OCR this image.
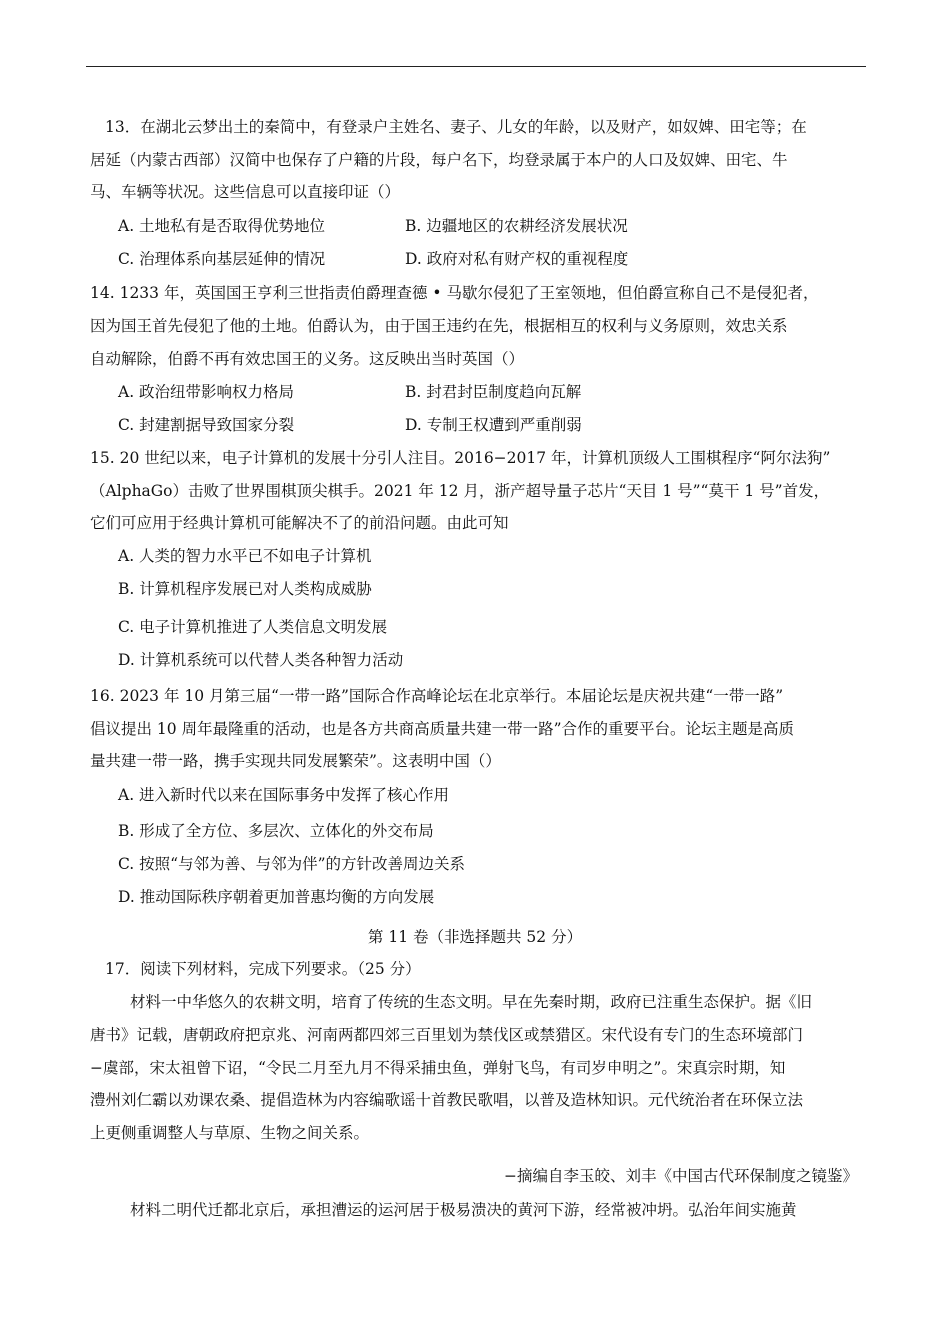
13．在湖北云梦出土的秦简中，有登录户主姓名、妻子、儿女的年龄，以及财产，如奴婢、田宅等；在
居延（内蒙古西部）汉简中也保存了户籍的片段，每户名下，均登录属于本户的人口及奴婢、田宅、牛
马、车辆等状况。这些信息可以直接印证（）
A. 土地私有是否取得优势地位	B. 边疆地区的农耕经济发展状况
C. 治理体系向基层延伸的情况	D. 政府对私有财产权的重视程度
14. 1233 年，英国国王亨利三世指责伯爵理查德 • 马歇尔侵犯了王室领地，但伯爵宣称自己不是侵犯者，
因为国王首先侵犯了他的土地。伯爵认为，由于国王违约在先，根据相互的权利与义务原则，效忠关系
自动解除，伯爵不再有效忠国王的义务。这反映出当时英国（）
A. 政治纽带影响权力格局	B. 封君封臣制度趋向瓦解
C. 封建割据导致国家分裂	D. 专制王权遭到严重削弱
15. 20 世纪以来，电子计算机的发展十分引人注目。2016−2017 年，计算机顶级人工围棋程序“阿尔法狗”
（AlphaGo）击败了世界围棋顶尖棋手。2021 年 12 月，浙产超导量子芯片“天目 1 号”“莫干 1 号”首发，
它们可应用于经典计算机可能解决不了的前沿问题。由此可知
A. 人类的智力水平已不如电子计算机
B. 计算机程序发展已对人类构成威胁
C. 电子计算机推进了人类信息文明发展
D. 计算机系统可以代替人类各种智力活动
16. 2023 年 10 月第三届“一带一路”国际合作高峰论坛在北京举行。本届论坛是庆祝共建“一带一路”
倡议提出 10 周年最隆重的活动，也是各方共商高质量共建一带一路”合作的重要平台。论坛主题是高质
量共建一带一路，携手实现共同发展繁荣”。这表明中国（）
A. 进入新时代以来在国际事务中发挥了核心作用
B. 形成了全方位、多层次、立体化的外交布局
C. 按照“与邻为善、与邻为伴”的方针改善周边关系
D. 推动国际秩序朝着更加普惠均衡的方向发展
第 11 卷（非选择题共 52 分）
17．阅读下列材料，完成下列要求。（25 分）
材料一中华悠久的农耕文明，培育了传统的生态文明。早在先秦时期，政府已注重生态保护。据《旧
唐书》记载，唐朝政府把京兆、河南两都四郊三百里划为禁伐区或禁猎区。宋代设有专门的生态环境部门
−虞部，宋太祖曾下诏，“令民二月至九月不得采捕虫鱼，弹射飞鸟，有司岁申明之”。宋真宗时期，知
澧州刘仁霸以劝课农桑、提倡造林为内容编歌谣十首教民歌唱，以普及造林知识。元代统治者在环保立法
上更侧重调整人与草原、生物之间关系。
−摘编自李玉皎、刘丰《中国古代环保制度之镜鉴》
材料二明代迁都北京后，承担漕运的运河居于极易溃决的黄河下游，经常被冲坍。弘治年间实施黄
